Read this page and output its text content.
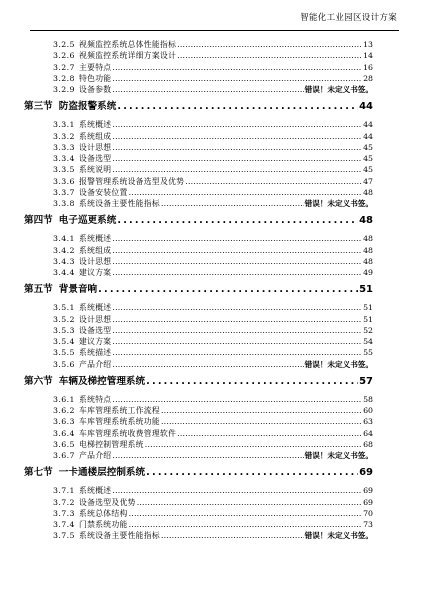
智能化工业园区设计方案
3.2.5 视频监控系统总体性能指标 .....	13
3.2.6 视频监控系统详细方案设计 .....	14
3.2.7 主要特点 .....	16
3.2.8 特色功能 .....	28
3.2.9 设备参数 .....	错误！未定义书签。
第三节 防盗报警系统 .....	44
3.3.1 系统概述 .....	44
3.3.2 系统组成 .....	44
3.3.3 设计思想 .....	45
3.3.4 设备选型 .....	45
3.3.5 系统说明 .....	45
3.3.6 报警管理系统设备选型及优势 .....	47
3.3.7 设备安装位置 .....	48
3.3.8 系统设备主要性能指标 .....	错误！未定义书签。
第四节 电子巡更系统 .....	48
3.4.1 系统概述 .....	48
3.4.2 系统组成 .....	48
3.4.3 设计思想 .....	48
3.4.4 建议方案 .....	49
第五节 背景音响 .....	51
3.5.1 系统概述 .....	51
3.5.2 设计思想 .....	51
3.5.3 设备选型 .....	52
3.5.4 建议方案 .....	54
3.5.5 系统描述 .....	55
3.5.6 产品介绍 .....	错误！未定义书签。
第六节 车辆及梯控管理系统 .....	57
3.6.1 系统特点 .....	58
3.6.2 车库管理系统工作流程 .....	60
3.6.3 车库管理系统系统功能 .....	63
3.6.4 车库管理系统收费管理软件 .....	64
3.6.5 电梯控制管理系统 .....	68
3.6.7 产品介绍 .....	错误！未定义书签。
第七节 一卡通楼层控制系统 .....	69
3.7.1 系统概述 .....	69
3.7.2 设备选型及优势 .....	69
3.7.3 系统总体结构 .....	70
3.7.4 门禁系统功能 .....	73
3.7.5 系统设备主要性能指标 .....	错误！未定义书签。
